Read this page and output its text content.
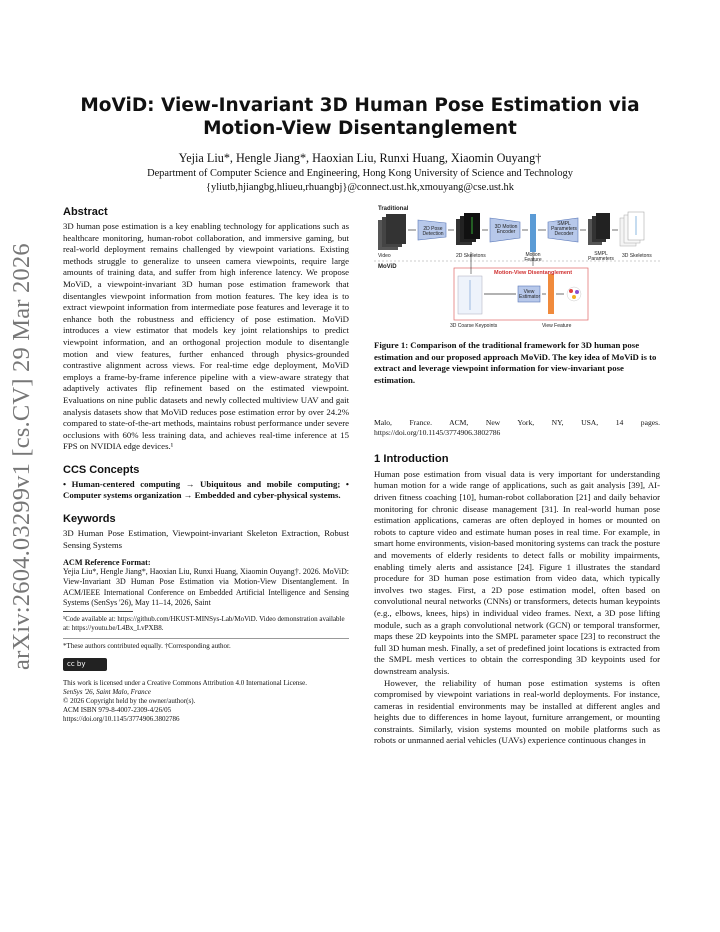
arXiv:2604.03299v1 [cs.CV] 29 Mar 2026
MoViD: View-Invariant 3D Human Pose Estimation via Motion-View Disentanglement
Yejia Liu*, Hengle Jiang*, Haoxian Liu, Runxi Huang, Xiaomin Ouyang†
Department of Computer Science and Engineering, Hong Kong University of Science and Technology
{yliutb,hjiangbg,hliueu,rhuangbj}@connect.ust.hk,xmouyang@cse.ust.hk
Abstract

3D human pose estimation is a key enabling technology for applications such as healthcare monitoring, human-robot collaboration, and immersive gaming, but real-world deployment remains challenged by viewpoint variations. Existing methods struggle to generalize to unseen camera viewpoints, require large amounts of training data, and suffer from high inference latency. We propose MoViD, a viewpoint-invariant 3D human pose estimation framework that disentangles viewpoint information from motion features. The key idea is to extract viewpoint information from intermediate pose features and leverage it to enhance both the robustness and efficiency of pose estimation. MoViD introduces a view estimator that models key joint relationships to predict viewpoint information, and an orthogonal projection module to disentangle motion and view features, further enhanced through physics-grounded contrastive alignment across views. For real-time edge deployment, MoViD employs a frame-by-frame inference pipeline with a view-aware strategy that adaptively activates flip refinement based on the estimated viewpoint. Evaluations on nine public datasets and newly collected multiview UAV and gait analysis datasets show that MoViD reduces pose estimation error by over 24.2% compared to state-of-the-art methods, maintains robust performance under severe occlusions with 60% less training data, and achieves real-time inference at 15 FPS on NVIDIA edge devices.¹

CCS Concepts

• Human-centered computing → Ubiquitous and mobile computing; • Computer systems organization → Embedded and cyber-physical systems.

Keywords

3D Human Pose Estimation, Viewpoint-invariant Skeleton Extraction, Robust Sensing Systems

ACM Reference Format:

Yejia Liu*, Hengle Jiang*, Haoxian Liu, Runxi Huang, Xiaomin Ouyang†. 2026. MoViD: View-Invariant 3D Human Pose Estimation via Motion-View Disentanglement. In ACM/IEEE International Conference on Embedded Artificial Intelligence and Sensing Systems (SenSys '26), May 11–14, 2026, Saint

¹Code available at: https://github.com/HKUST-MINSys-Lab/MoViD. Video demonstration available at: https://youtu.be/L4Bx_LvPXB8.
*These authors contributed equally. †Corresponding author.
cc by
This work is licensed under a Creative Commons Attribution 4.0 International License.
SenSys '26, Saint Malo, France
© 2026 Copyright held by the owner/author(s).
ACM ISBN 979-8-4007-2309-4/26/05
https://doi.org/10.1145/3774906.3802786
Traditional
MoViD
Video
2D Pose Detection
2D Skeletons
3D Motion Encoder
Motion Feature
SMPL Parameters Decoder
SMPL Parameters	3D Skeletons
Motion-View Disentanglement
View Estimator
3D Coarse Keypoints	View Feature
Figure 1: Comparison of the traditional framework for 3D human pose estimation and our proposed approach MoViD. The key idea of MoViD is to extract and leverage viewpoint information for view-invariant pose estimation.

Malo, France. ACM, New York, NY, USA, 14 pages. https://doi.org/10.1145/3774906.3802786

1 Introduction

Human pose estimation from visual data is very important for understanding human motion for a wide range of applications, such as gait analysis [39], AI-driven fitness coaching [10], human-robot collaboration [21] and daily behavior monitoring for chronic disease management [31]. In real-world human pose estimation applications, cameras are often deployed in homes or mounted on robots to capture video and estimate human poses in real time. For example, in smart home environments, vision-based monitoring systems can track the posture and movements of elderly residents to detect falls or mobility impairments, enabling timely alerts and assistance [24]. Figure 1 illustrates the standard procedure for 3D human pose estimation from video data, which typically involves two stages. First, a 2D pose estimation model, often based on convolutional neural networks (CNNs) or transformers, detects human keypoints (e.g., elbows, knees, hips) in individual video frames. Next, a 3D pose lifting module, such as a graph convolutional network (GCN) or temporal transformer, maps these 2D keypoints into the SMPL parameter space [23] to reconstruct the full 3D human mesh. Finally, a set of predefined joint locations is extracted from the SMPL mesh vertices to obtain the corresponding 3D keypoints used for downstream analysis.

However, the reliability of human pose estimation systems is often compromised by viewpoint variations in real-world deployments. For instance, cameras in residential environments may be installed at different angles and heights due to differences in home layout, furniture arrangement, or mounting constraints. Similarly, vision systems mounted on mobile platforms such as robots or unmanned aerial vehicles (UAVs) experience continuous changes in
